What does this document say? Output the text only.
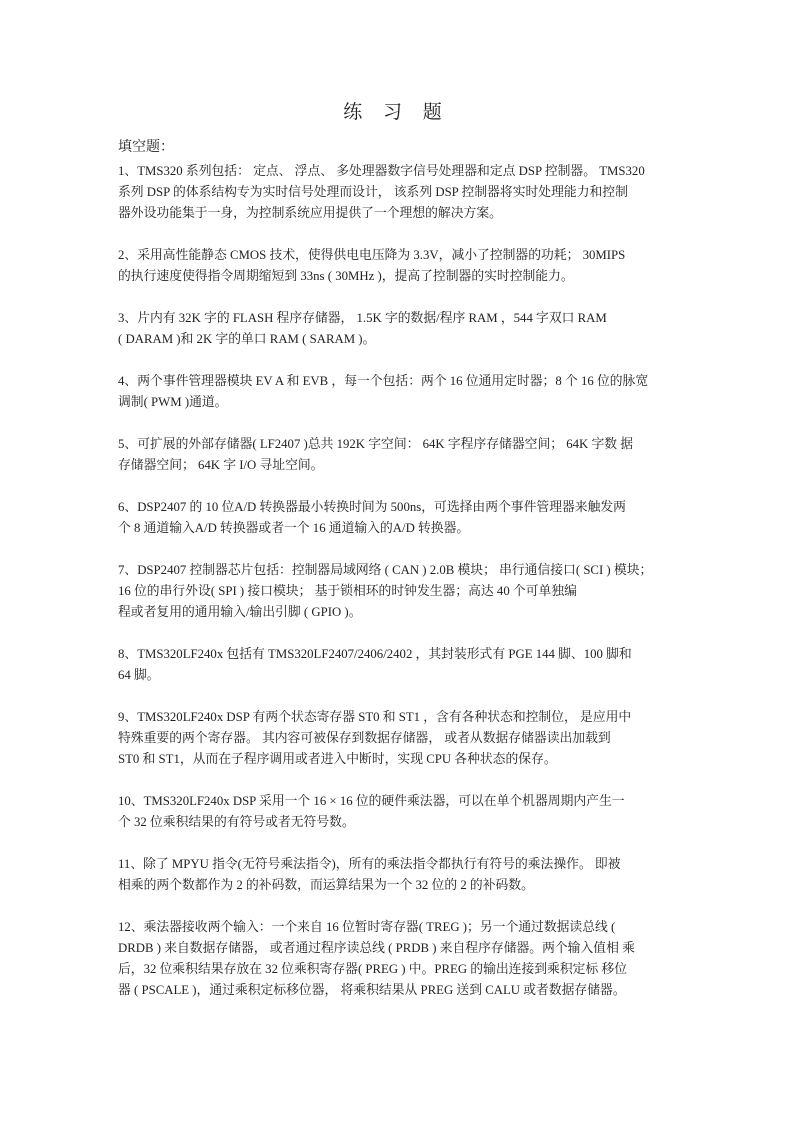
练 习 题
填空题：
1、TMS320 系列包括： 定点、 浮点、 多处理器数字信号处理器和定点 DSP 控制器。 TMS320
系列 DSP 的体系结构专为实时信号处理而设计， 该系列 DSP 控制器将实时处理能力和控制
器外设功能集于一身，为控制系统应用提供了一个理想的解决方案。
2、采用高性能静态 CMOS 技术，使得供电电压降为 3.3V，减小了控制器的功耗； 30MIPS
的执行速度使得指令周期缩短到 33ns ( 30MHz )，提高了控制器的实时控制能力。
3、片内有 32K 字的 FLASH 程序存储器， 1.5K 字的数据/程序 RAM ，544 字双口 RAM
( DARAM )和 2K 字的单口 RAM ( SARAM )。
4、两个事件管理器模块 EV A 和 EVB ，每一个包括：两个 16 位通用定时器；8 个 16 位的脉宽
调制( PWM )通道。
5、可扩展的外部存储器( LF2407 )总共 192K 字空间： 64K 字程序存储器空间； 64K 字数 据
存储器空间； 64K 字 I/O 寻址空间。
6、DSP2407 的 10 位A/D 转换器最小转换时间为 500ns，可选择由两个事件管理器来触发两
个 8 通道输入A/D 转换器或者一个 16 通道输入的A/D 转换器。
7、DSP2407 控制器芯片包括：控制器局域网络 ( CAN ) 2.0B 模块； 串行通信接口( SCI ) 模块；
16 位的串行外设( SPI ) 接口模块； 基于锁相环的时钟发生器；高达 40 个可单独编
程或者复用的通用输入/输出引脚 ( GPIO )。
8、TMS320LF240x 包括有 TMS320LF2407/2406/2402 ，其封装形式有 PGE 144 脚、100 脚和
64 脚。
9、TMS320LF240x DSP 有两个状态寄存器 ST0 和 ST1 ，含有各种状态和控制位， 是应用中
特殊重要的两个寄存器。 其内容可被保存到数据存储器， 或者从数据存储器读出加载到
ST0 和 ST1，从而在子程序调用或者进入中断时，实现 CPU 各种状态的保存。
10、TMS320LF240x DSP 采用一个 16 × 16 位的硬件乘法器，可以在单个机器周期内产生一
个 32 位乘积结果的有符号或者无符号数。
11、除了 MPYU 指令(无符号乘法指令)，所有的乘法指令都执行有符号的乘法操作。 即被
相乘的两个数都作为 2 的补码数，而运算结果为一个 32 位的 2 的补码数。
12、乘法器接收两个输入：一个来自 16 位暂时寄存器( TREG )；另一个通过数据读总线 (
DRDB ) 来自数据存储器， 或者通过程序读总线 ( PRDB ) 来自程序存储器。两个输入值相 乘
后，32 位乘积结果存放在 32 位乘积寄存器( PREG ) 中。PREG 的输出连接到乘积定标 移位
器 ( PSCALE )，通过乘积定标移位器， 将乘积结果从 PREG 送到 CALU 或者数据存储器。
